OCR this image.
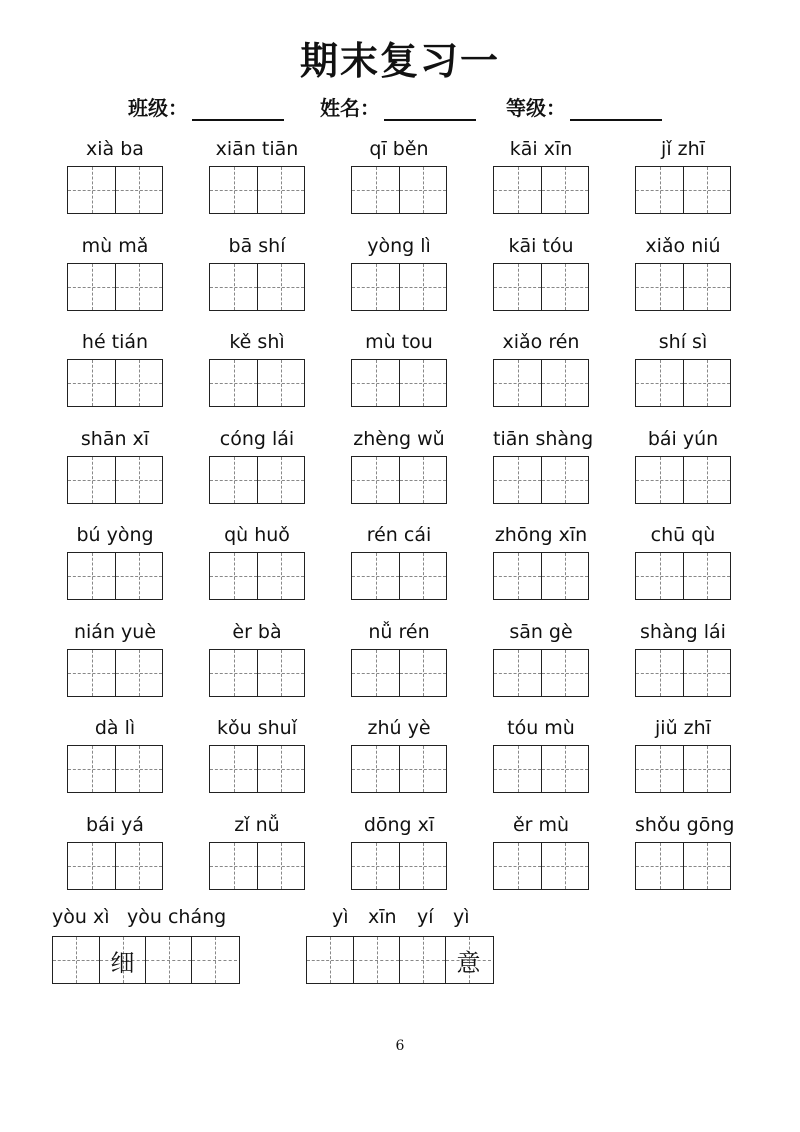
期末复习一
班级：	姓名：	等级：
xià ba	xiān tiān	qī běn	kāi xīn	jǐ zhī
mù mǎ	bā shí	yòng lì	kāi tóu	xiǎo niú
hé tián	kě shì	mù tou	xiǎo rén	shí sì
shān xī	cóng lái	zhèng wǔ	tiān shàng	bái yún
bú yòng	qù huǒ	rén cái	zhōng xīn	chū qù
nián yuè	èr bà	nǚ rén	sān gè	shàng lái
dà lì	kǒu shuǐ	zhú yè	tóu mù	jiǔ zhī
bái yá	zǐ nǚ	dōng xī	ěr mù	shǒu gōng
yòu xì yòu cháng
细
yì xīn yí yì
意
6
